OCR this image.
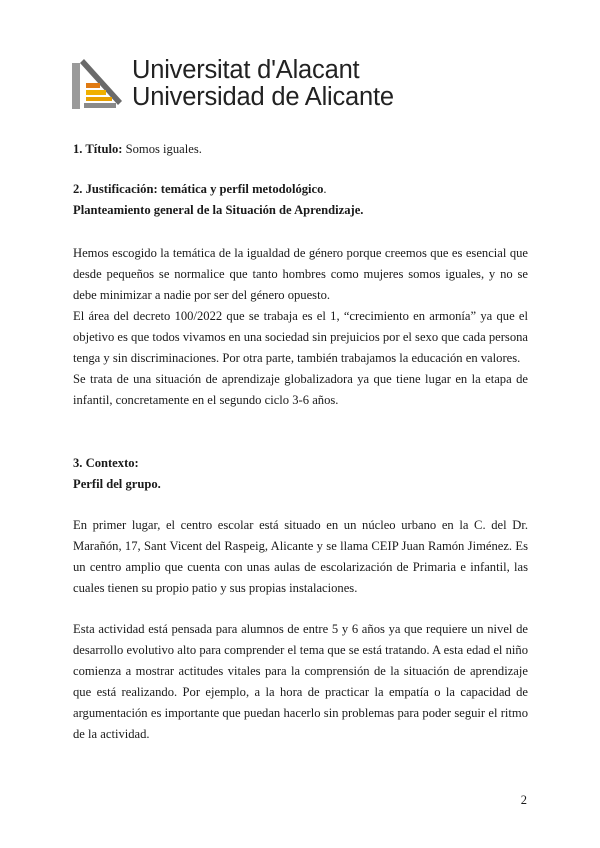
Universitat d'Alacant
Universidad de Alicante

1. Título: Somos iguales.

2. Justificación: temática y perfil metodológico.

Planteamiento general de la Situación de Aprendizaje.

Hemos escogido la temática de la igualdad de género porque creemos que es esencial que desde pequeños se normalice que tanto hombres como mujeres somos iguales, y no se debe minimizar a nadie por ser del género opuesto.

El área del decreto 100/2022 que se trabaja es el 1, “crecimiento en armonía” ya que el objetivo es que todos vivamos en una sociedad sin prejuicios por el sexo que cada persona tenga y sin discriminaciones. Por otra parte, también trabajamos la educación en valores.

Se trata de una situación de aprendizaje globalizadora ya que tiene lugar en la etapa de infantil, concretamente en el segundo ciclo 3-6 años.

3. Contexto:

Perfil del grupo.

En primer lugar, el centro escolar está situado en un núcleo urbano en la C. del Dr. Marañón, 17, Sant Vicent del Raspeig, Alicante y se llama CEIP Juan Ramón Jiménez. Es un centro amplio que cuenta con unas aulas de escolarización de Primaria e infantil, las cuales tienen su propio patio y sus propias instalaciones.

Esta actividad está pensada para alumnos de entre 5 y 6 años ya que requiere un nivel de desarrollo evolutivo alto para comprender el tema que se está tratando. A esta edad el niño comienza a mostrar actitudes vitales para la comprensión de la situación de aprendizaje que está realizando. Por ejemplo, a la hora de practicar la empatía o la capacidad de argumentación es importante que puedan hacerlo sin problemas para poder seguir el ritmo de la actividad.

2
